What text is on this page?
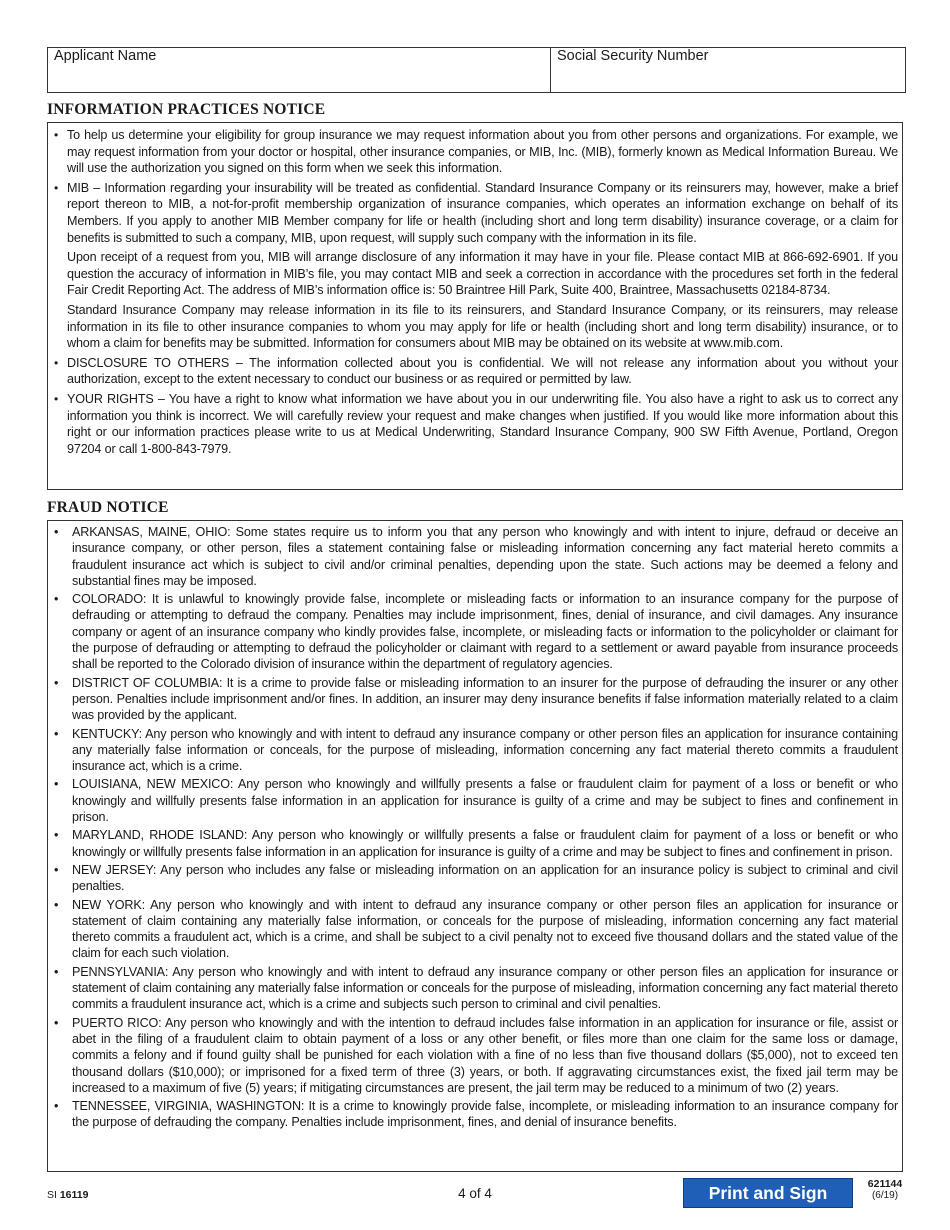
Applicant Name	Social Security Number
INFORMATION PRACTICES NOTICE
• To help us determine your eligibility for group insurance we may request information about you from other persons and organizations. For example, we may request information from your doctor or hospital, other insurance companies, or MIB, Inc. (MIB), formerly known as Medical Information Bureau. We will use the authorization you signed on this form when we seek this information.
• MIB – Information regarding your insurability will be treated as confidential. Standard Insurance Company or its reinsurers may, however, make a brief report thereon to MIB, a not-for-profit membership organization of insurance companies, which operates an information exchange on behalf of its Members. If you apply to another MIB Member company for life or health (including short and long term disability) insurance coverage, or a claim for benefits is submitted to such a company, MIB, upon request, will supply such company with the information in its file.
Upon receipt of a request from you, MIB will arrange disclosure of any information it may have in your file. Please contact MIB at 866-692-6901. If you question the accuracy of information in MIB’s file, you may contact MIB and seek a correction in accordance with the procedures set forth in the federal Fair Credit Reporting Act. The address of MIB’s information office is: 50 Braintree Hill Park, Suite 400, Braintree, Massachusetts 02184-8734.
Standard Insurance Company may release information in its file to its reinsurers, and Standard Insurance Company, or its reinsurers, may release information in its file to other insurance companies to whom you may apply for life or health (including short and long term disability) insurance, or to whom a claim for benefits may be submitted. Information for consumers about MIB may be obtained on its website at www.mib.com.
• DISCLOSURE TO OTHERS – The information collected about you is confidential. We will not release any information about you without your authorization, except to the extent necessary to conduct our business or as required or permitted by law.
• YOUR RIGHTS – You have a right to know what information we have about you in our underwriting file. You also have a right to ask us to correct any information you think is incorrect. We will carefully review your request and make changes when justified. If you would like more information about this right or our information practices please write to us at Medical Underwriting, Standard Insurance Company, 900 SW Fifth Avenue, Portland, Oregon 97204 or call 1-800-843-7979.
FRAUD NOTICE
• ARKANSAS, MAINE, OHIO: Some states require us to inform you that any person who knowingly and with intent to injure, defraud or deceive an insurance company, or other person, files a statement containing false or misleading information concerning any fact material hereto commits a fraudulent insurance act which is subject to civil and/or criminal penalties, depending upon the state. Such actions may be deemed a felony and substantial fines may be imposed.
• COLORADO: It is unlawful to knowingly provide false, incomplete or misleading facts or information to an insurance company for the purpose of defrauding or attempting to defraud the company. Penalties may include imprisonment, fines, denial of insurance, and civil damages. Any insurance company or agent of an insurance company who kindly provides false, incomplete, or misleading facts or information to the policyholder or claimant for the purpose of defrauding or attempting to defraud the policyholder or claimant with regard to a settlement or award payable from insurance proceeds shall be reported to the Colorado division of insurance within the department of regulatory agencies.
• DISTRICT OF COLUMBIA: It is a crime to provide false or misleading information to an insurer for the purpose of defrauding the insurer or any other person. Penalties include imprisonment and/or fines. In addition, an insurer may deny insurance benefits if false information materially related to a claim was provided by the applicant.
• KENTUCKY: Any person who knowingly and with intent to defraud any insurance company or other person files an application for insurance containing any materially false information or conceals, for the purpose of misleading, information concerning any fact material thereto commits a fraudulent insurance act, which is a crime.
• LOUISIANA, NEW MEXICO: Any person who knowingly and willfully presents a false or fraudulent claim for payment of a loss or benefit or who knowingly and willfully presents false information in an application for insurance is guilty of a crime and may be subject to fines and confinement in prison.
• MARYLAND, RHODE ISLAND: Any person who knowingly or willfully presents a false or fraudulent claim for payment of a loss or benefit or who knowingly or willfully presents false information in an application for insurance is guilty of a crime and may be subject to fines and confinement in prison.
• NEW JERSEY: Any person who includes any false or misleading information on an application for an insurance policy is subject to criminal and civil penalties.
• NEW YORK: Any person who knowingly and with intent to defraud any insurance company or other person files an application for insurance or statement of claim containing any materially false information, or conceals for the purpose of misleading, information concerning any fact material thereto commits a fraudulent act, which is a crime, and shall be subject to a civil penalty not to exceed five thousand dollars and the stated value of the claim for each such violation.
• PENNSYLVANIA: Any person who knowingly and with intent to defraud any insurance company or other person files an application for insurance or statement of claim containing any materially false information or conceals for the purpose of misleading, information concerning any fact material thereto commits a fraudulent insurance act, which is a crime and subjects such person to criminal and civil penalties.
• PUERTO RICO: Any person who knowingly and with the intention to defraud includes false information in an application for insurance or file, assist or abet in the filing of a fraudulent claim to obtain payment of a loss or any other benefit, or files more than one claim for the same loss or damage, commits a felony and if found guilty shall be punished for each violation with a fine of no less than five thousand dollars ($5,000), not to exceed ten thousand dollars ($10,000); or imprisoned for a fixed term of three (3) years, or both. If aggravating circumstances exist, the fixed jail term may be increased to a maximum of five (5) years; if mitigating circumstances are present, the jail term may be reduced to a minimum of two (2) years.
• TENNESSEE, VIRGINIA, WASHINGTON: It is a crime to knowingly provide false, incomplete, or misleading information to an insurance company for the purpose of defrauding the company. Penalties include imprisonment, fines, and denial of insurance benefits.
SI 16119	4 of 4	Print and Sign	621144
(6/19)
